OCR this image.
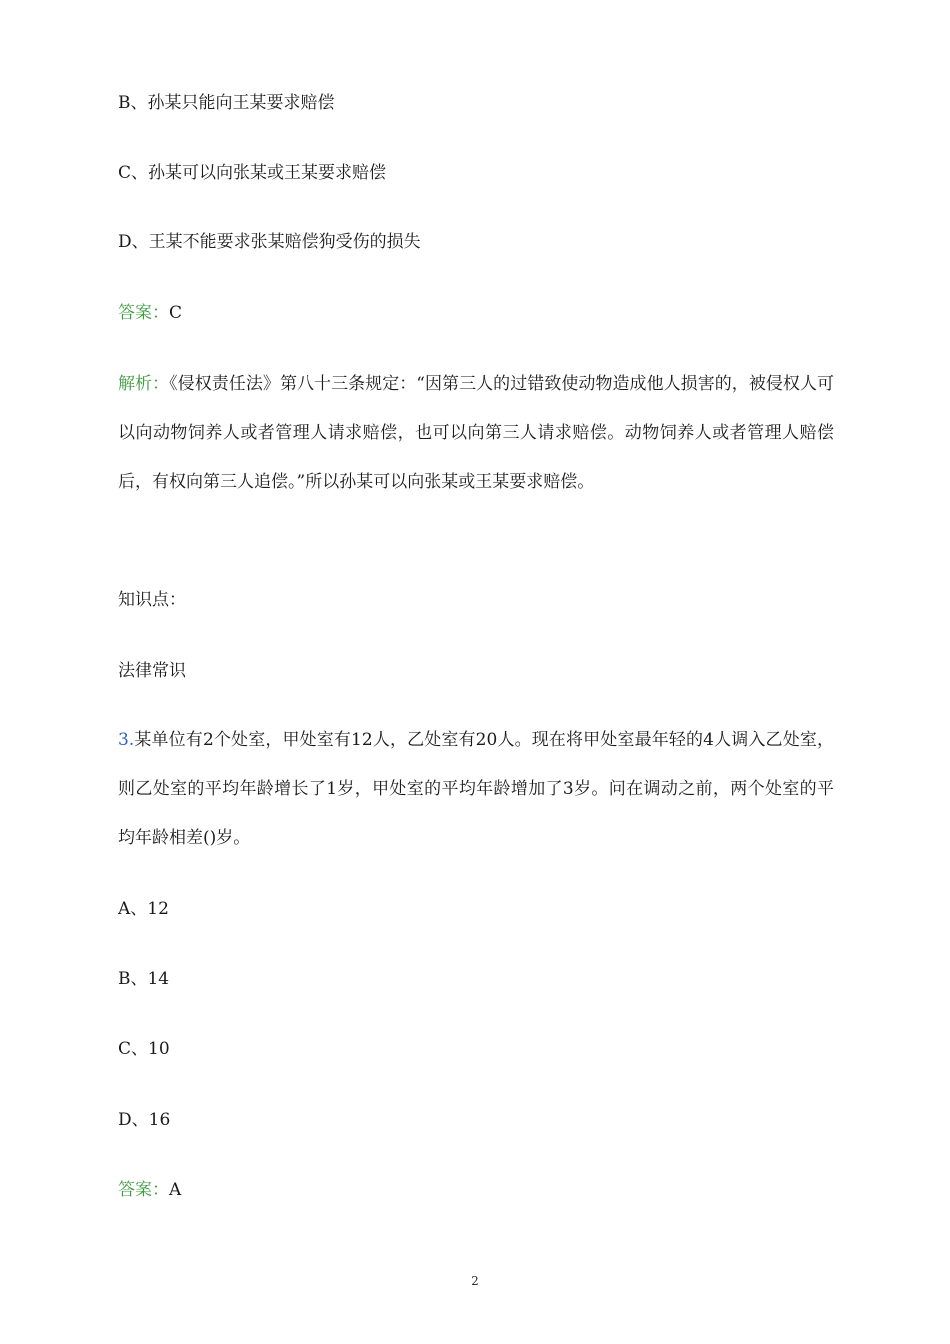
B、孙某只能向王某要求赔偿
C、孙某可以向张某或王某要求赔偿
D、王某不能要求张某赔偿狗受伤的损失
答案：C
解析：《侵权责任法》第八十三条规定：“因第三人的过错致使动物造成他人损害的，被侵权人可以向动物饲养人或者管理人请求赔偿，也可以向第三人请求赔偿。动物饲养人或者管理人赔偿后，有权向第三人追偿。”所以孙某可以向张某或王某要求赔偿。
知识点：
法律常识
3.某单位有2个处室，甲处室有12人，乙处室有20人。现在将甲处室最年轻的4人调入乙处室，则乙处室的平均年龄增长了1岁，甲处室的平均年龄增加了3岁。问在调动之前，两个处室的平均年龄相差()岁。
A、12
B、14
C、10
D、16
答案：A
2
